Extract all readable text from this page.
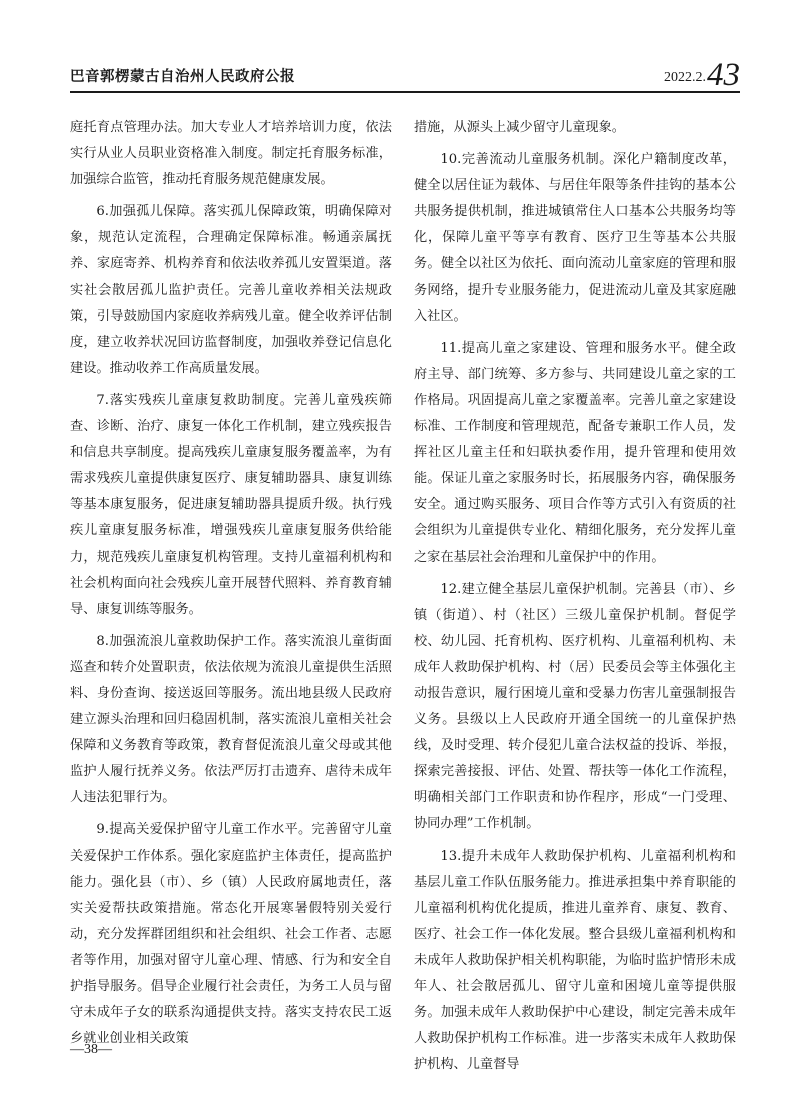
巴音郭楞蒙古自治州人民政府公报	2022.2. 43

庭托育点管理办法。加大专业人才培养培训力度，依法实行从业人员职业资格准入制度。制定托育服务标准，加强综合监管，推动托育服务规范健康发展。

6.加强孤儿保障。落实孤儿保障政策，明确保障对象，规范认定流程，合理确定保障标准。畅通亲属抚养、家庭寄养、机构养育和依法收养孤儿安置渠道。落实社会散居孤儿监护责任。完善儿童收养相关法规政策，引导鼓励国内家庭收养病残儿童。健全收养评估制度，建立收养状况回访监督制度，加强收养登记信息化建设。推动收养工作高质量发展。

7.落实残疾儿童康复救助制度。完善儿童残疾筛查、诊断、治疗、康复一体化工作机制，建立残疾报告和信息共享制度。提高残疾儿童康复服务覆盖率，为有需求残疾儿童提供康复医疗、康复辅助器具、康复训练等基本康复服务，促进康复辅助器具提质升级。执行残疾儿童康复服务标准，增强残疾儿童康复服务供给能力，规范残疾儿童康复机构管理。支持儿童福利机构和社会机构面向社会残疾儿童开展替代照料、养育教育辅导、康复训练等服务。

8.加强流浪儿童救助保护工作。落实流浪儿童街面巡查和转介处置职责，依法依规为流浪儿童提供生活照料、身份查询、接送返回等服务。流出地县级人民政府建立源头治理和回归稳固机制，落实流浪儿童相关社会保障和义务教育等政策，教育督促流浪儿童父母或其他监护人履行抚养义务。依法严厉打击遗弃、虐待未成年人违法犯罪行为。

9.提高关爱保护留守儿童工作水平。完善留守儿童关爱保护工作体系。强化家庭监护主体责任，提高监护能力。强化县（市）、乡（镇）人民政府属地责任，落实关爱帮扶政策措施。常态化开展寒暑假特别关爱行动，充分发挥群团组织和社会组织、社会工作者、志愿者等作用，加强对留守儿童心理、情感、行为和安全自护指导服务。倡导企业履行社会责任，为务工人员与留守未成年子女的联系沟通提供支持。落实支持农民工返乡就业创业相关政策

措施，从源头上减少留守儿童现象。

10.完善流动儿童服务机制。深化户籍制度改革，健全以居住证为载体、与居住年限等条件挂钩的基本公共服务提供机制，推进城镇常住人口基本公共服务均等化，保障儿童平等享有教育、医疗卫生等基本公共服务。健全以社区为依托、面向流动儿童家庭的管理和服务网络，提升专业服务能力，促进流动儿童及其家庭融入社区。

11.提高儿童之家建设、管理和服务水平。健全政府主导、部门统筹、多方参与、共同建设儿童之家的工作格局。巩固提高儿童之家覆盖率。完善儿童之家建设标准、工作制度和管理规范，配备专兼职工作人员，发挥社区儿童主任和妇联执委作用，提升管理和使用效能。保证儿童之家服务时长，拓展服务内容，确保服务安全。通过购买服务、项目合作等方式引入有资质的社会组织为儿童提供专业化、精细化服务，充分发挥儿童之家在基层社会治理和儿童保护中的作用。

12.建立健全基层儿童保护机制。完善县（市）、乡镇（街道）、村（社区）三级儿童保护机制。督促学校、幼儿园、托育机构、医疗机构、儿童福利机构、未成年人救助保护机构、村（居）民委员会等主体强化主动报告意识，履行困境儿童和受暴力伤害儿童强制报告义务。县级以上人民政府开通全国统一的儿童保护热线，及时受理、转介侵犯儿童合法权益的投诉、举报，探索完善接报、评估、处置、帮扶等一体化工作流程，明确相关部门工作职责和协作程序，形成“一门受理、协同办理”工作机制。

13.提升未成年人救助保护机构、儿童福利机构和基层儿童工作队伍服务能力。推进承担集中养育职能的儿童福利机构优化提质，推进儿童养育、康复、教育、医疗、社会工作一体化发展。整合县级儿童福利机构和未成年人救助保护相关机构职能，为临时监护情形未成年人、社会散居孤儿、留守儿童和困境儿童等提供服务。加强未成年人救助保护中心建设，制定完善未成年人救助保护机构工作标准。进一步落实未成年人救助保护机构、儿童督导

—38—
